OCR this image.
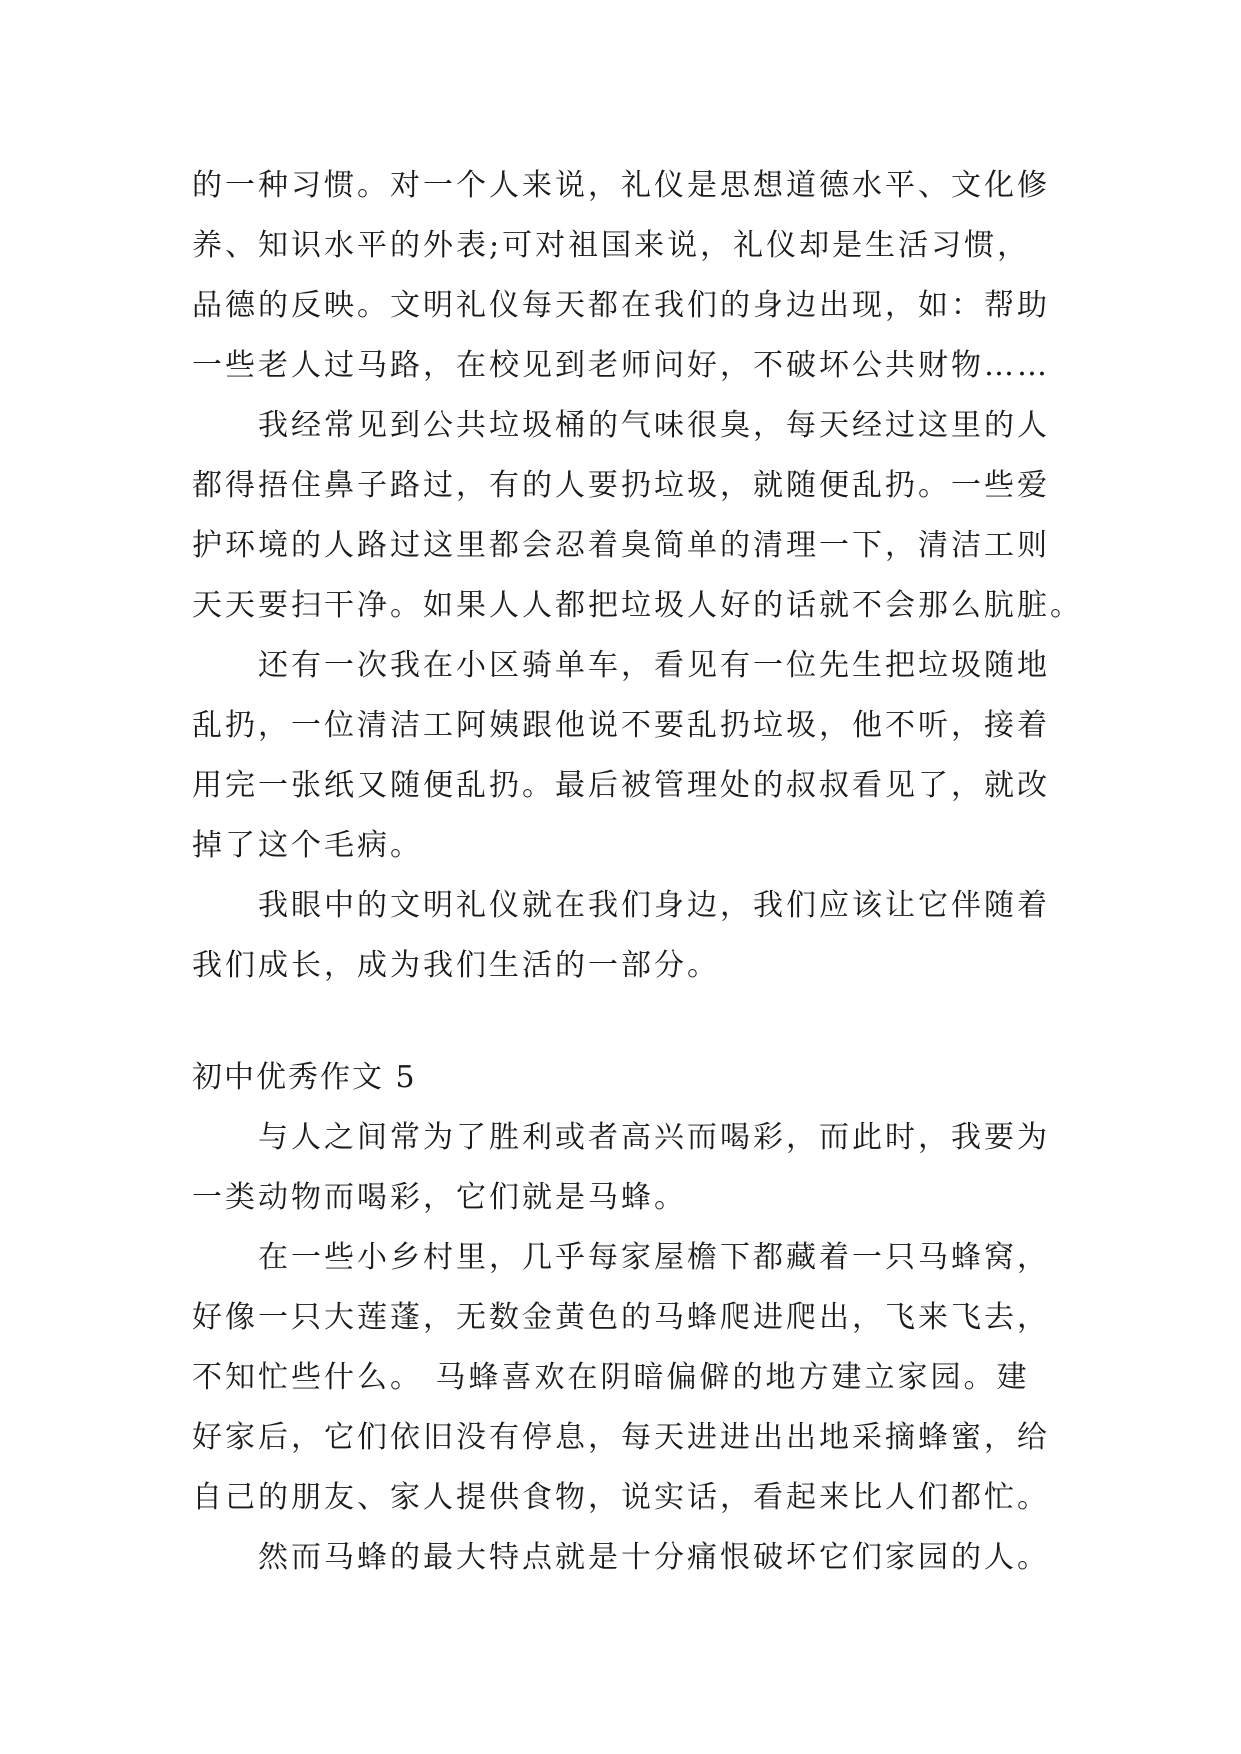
的一种习惯。对一个人来说，礼仪是思想道德水平、文化修
养、知识水平的外表;可对祖国来说，礼仪却是生活习惯，
品德的反映。文明礼仪每天都在我们的身边出现，如：帮助
一些老人过马路，在校见到老师问好，不破坏公共财物……
我经常见到公共垃圾桶的气味很臭，每天经过这里的人
都得捂住鼻子路过，有的人要扔垃圾，就随便乱扔。一些爱
护环境的人路过这里都会忍着臭简单的清理一下，清洁工则
天天要扫干净。如果人人都把垃圾人好的话就不会那么肮脏。
还有一次我在小区骑单车，看见有一位先生把垃圾随地
乱扔，一位清洁工阿姨跟他说不要乱扔垃圾，他不听，接着
用完一张纸又随便乱扔。最后被管理处的叔叔看见了，就改
掉了这个毛病。
我眼中的文明礼仪就在我们身边，我们应该让它伴随着
我们成长，成为我们生活的一部分。
初中优秀作文 5
与人之间常为了胜利或者高兴而喝彩，而此时，我要为
一类动物而喝彩，它们就是马蜂。
在一些小乡村里，几乎每家屋檐下都藏着一只马蜂窝，
好像一只大莲蓬，无数金黄色的马蜂爬进爬出，飞来飞去，
不知忙些什么。 马蜂喜欢在阴暗偏僻的地方建立家园。建
好家后，它们依旧没有停息，每天进进出出地采摘蜂蜜，给
自己的朋友、家人提供食物，说实话，看起来比人们都忙。
然而马蜂的最大特点就是十分痛恨破坏它们家园的人。
